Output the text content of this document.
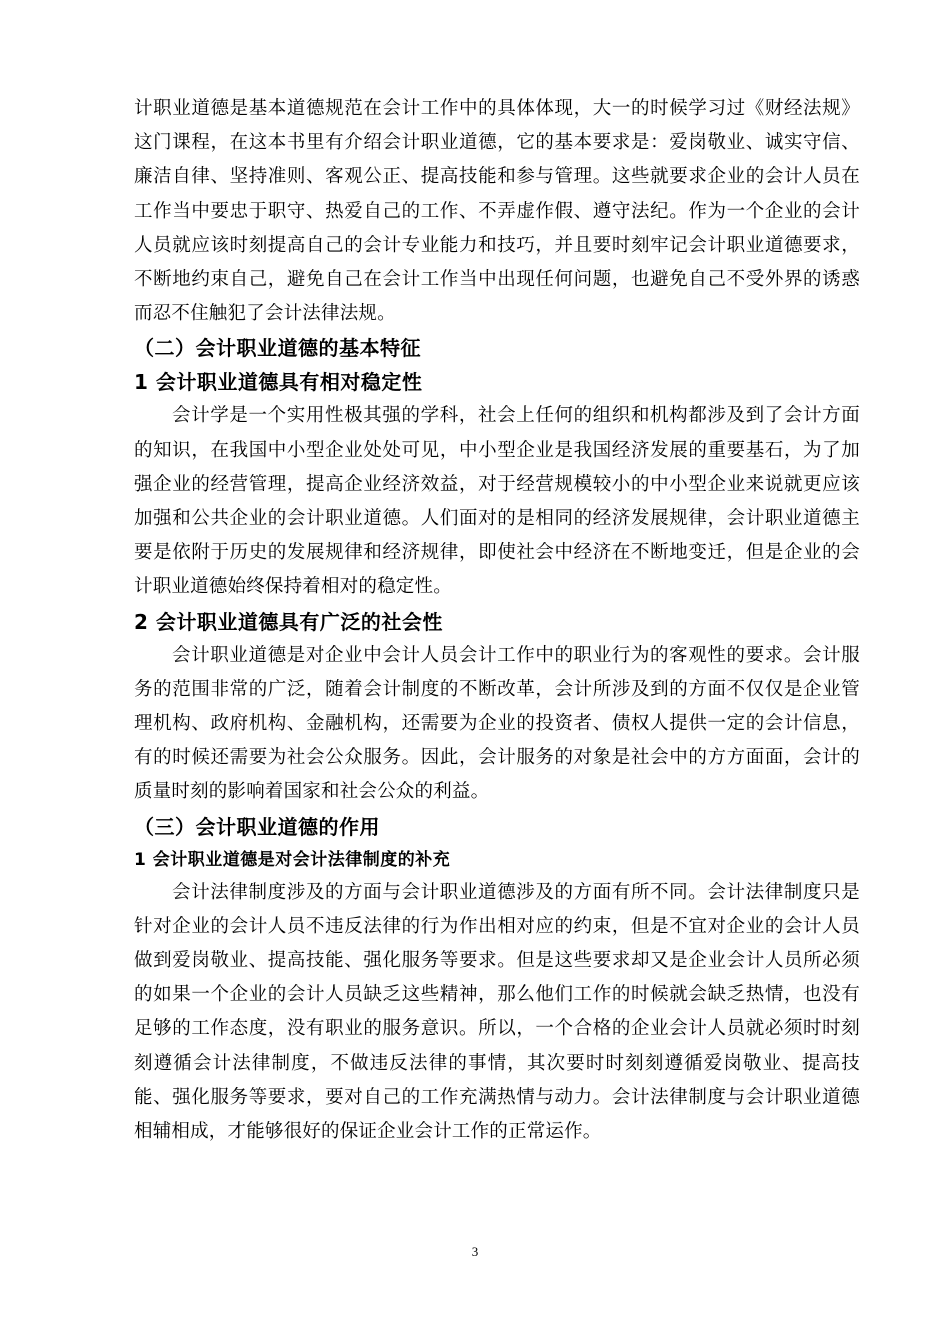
计职业道德是基本道德规范在会计工作中的具体体现，大一的时候学习过《财经法规》这门课程，在这本书里有介绍会计职业道德，它的基本要求是：爱岗敬业、诚实守信、廉洁自律、坚持准则、客观公正、提高技能和参与管理。这些就要求企业的会计人员在工作当中要忠于职守、热爱自己的工作、不弄虚作假、遵守法纪。作为一个企业的会计人员就应该时刻提高自己的会计专业能力和技巧，并且要时刻牢记会计职业道德要求，不断地约束自己，避免自己在会计工作当中出现任何问题，也避免自己不受外界的诱惑而忍不住触犯了会计法律法规。

（二）会计职业道德的基本特征

1 会计职业道德具有相对稳定性

会计学是一个实用性极其强的学科，社会上任何的组织和机构都涉及到了会计方面的知识，在我国中小型企业处处可见，中小型企业是我国经济发展的重要基石，为了加强企业的经营管理，提高企业经济效益，对于经营规模较小的中小型企业来说就更应该加强和公共企业的会计职业道德。人们面对的是相同的经济发展规律，会计职业道德主要是依附于历史的发展规律和经济规律，即使社会中经济在不断地变迁，但是企业的会计职业道德始终保持着相对的稳定性。

2 会计职业道德具有广泛的社会性

会计职业道德是对企业中会计人员会计工作中的职业行为的客观性的要求。会计服务的范围非常的广泛，随着会计制度的不断改革，会计所涉及到的方面不仅仅是企业管理机构、政府机构、金融机构，还需要为企业的投资者、债权人提供一定的会计信息，有的时候还需要为社会公众服务。因此，会计服务的对象是社会中的方方面面，会计的质量时刻的影响着国家和社会公众的利益。

（三）会计职业道德的作用

1 会计职业道德是对会计法律制度的补充

会计法律制度涉及的方面与会计职业道德涉及的方面有所不同。会计法律制度只是针对企业的会计人员不违反法律的行为作出相对应的约束，但是不宜对企业的会计人员做到爱岗敬业、提高技能、强化服务等要求。但是这些要求却又是企业会计人员所必须的如果一个企业的会计人员缺乏这些精神，那么他们工作的时候就会缺乏热情，也没有足够的工作态度，没有职业的服务意识。所以，一个合格的企业会计人员就必须时时刻刻遵循会计法律制度，不做违反法律的事情，其次要时时刻刻遵循爱岗敬业、提高技能、强化服务等要求，要对自己的工作充满热情与动力。会计法律制度与会计职业道德相辅相成，才能够很好的保证企业会计工作的正常运作。

3
